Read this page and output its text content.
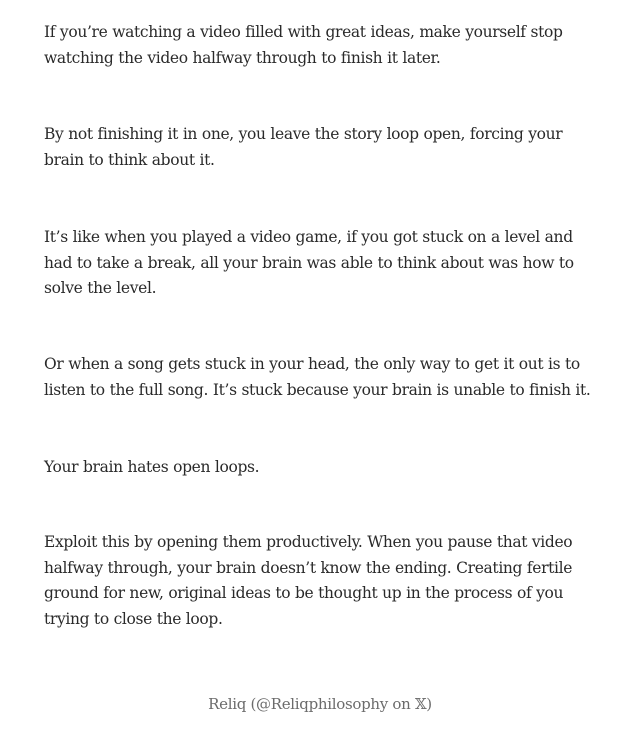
If you’re watching a video filled with great ideas, make yourself stop
watching the video halfway through to finish it later.

By not finishing it in one, you leave the story loop open, forcing your
brain to think about it.

It’s like when you played a video game, if you got stuck on a level and
had to take a break, all your brain was able to think about was how to
solve the level.

Or when a song gets stuck in your head, the only way to get it out is to
listen to the full song. It’s stuck because your brain is unable to finish it.

Your brain hates open loops.

Exploit this by opening them productively. When you pause that video
halfway through, your brain doesn’t know the ending. Creating fertile
ground for new, original ideas to be thought up in the process of you
trying to close the loop.

Reliq (@Reliqphilosophy on 𝕏)
